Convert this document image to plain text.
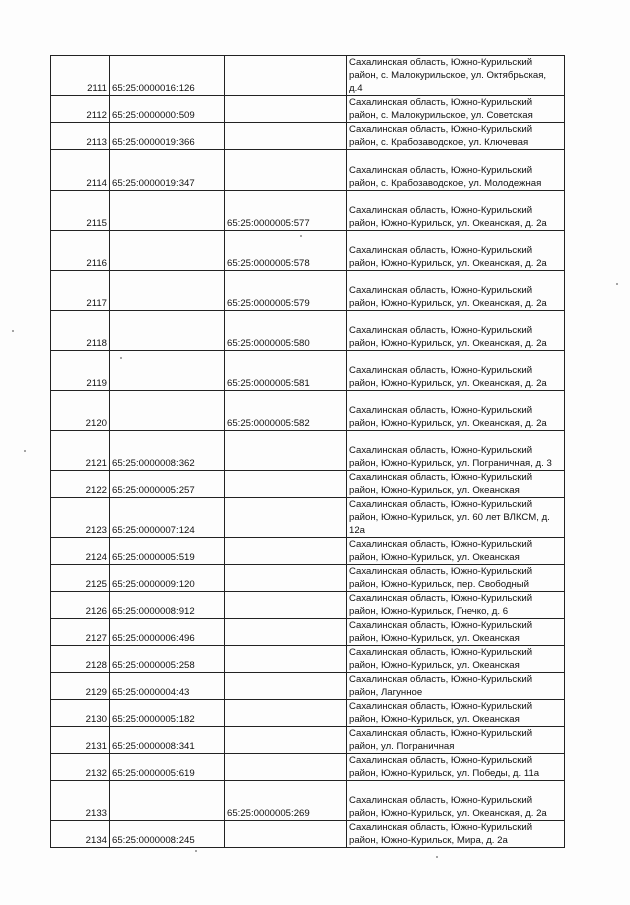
2111	65:25:0000016:126		Сахалинская область, Южно-Курильский район, с. Малокурильское, ул. Октябрьская, д.4
2112	65:25:0000000:509		Сахалинская область, Южно-Курильский район, с. Малокурильское, ул. Советская
2113	65:25:0000019:366		Сахалинская область, Южно-Курильский район, с. Крабозаводское, ул. Ключевая
2114	65:25:0000019:347		Сахалинская область, Южно-Курильский район, с. Крабозаводское, ул. Молодежная
2115		65:25:0000005:577	Сахалинская область, Южно-Курильский район, Южно-Курильск, ул. Океанская, д. 2а
2116		65:25:0000005:578	Сахалинская область, Южно-Курильский район, Южно-Курильск, ул. Океанская, д. 2а
2117		65:25:0000005:579	Сахалинская область, Южно-Курильский район, Южно-Курильск, ул. Океанская, д. 2а
2118		65:25:0000005:580	Сахалинская область, Южно-Курильский район, Южно-Курильск, ул. Океанская, д. 2а
2119		65:25:0000005:581	Сахалинская область, Южно-Курильский район, Южно-Курильск, ул. Океанская, д. 2а
2120		65:25:0000005:582	Сахалинская область, Южно-Курильский район, Южно-Курильск, ул. Океанская, д. 2а
2121	65:25:0000008:362		Сахалинская область, Южно-Курильский район, Южно-Курильск, ул. Пограничная, д. 3
2122	65:25:0000005:257		Сахалинская область, Южно-Курильский район, Южно-Курильск, ул. Океанская
2123	65:25:0000007:124		Сахалинская область, Южно-Курильский район, Южно-Курильск, ул. 60 лет ВЛКСМ, д. 12а
2124	65:25:0000005:519		Сахалинская область, Южно-Курильский район, Южно-Курильск, ул. Океанская
2125	65:25:0000009:120		Сахалинская область, Южно-Курильский район, Южно-Курильск, пер. Свободный
2126	65:25:0000008:912		Сахалинская область, Южно-Курильский район, Южно-Курильск, Гнечко, д. 6
2127	65:25:0000006:496		Сахалинская область, Южно-Курильский район, Южно-Курильск, ул. Океанская
2128	65:25:0000005:258		Сахалинская область, Южно-Курильский район, Южно-Курильск, ул. Океанская
2129	65:25:0000004:43		Сахалинская область, Южно-Курильский район, Лагунное
2130	65:25:0000005:182		Сахалинская область, Южно-Курильский район, Южно-Курильск, ул. Океанская
2131	65:25:0000008:341		Сахалинская область, Южно-Курильский район, ул. Пограничная
2132	65:25:0000005:619		Сахалинская область, Южно-Курильский район, Южно-Курильск, ул. Победы, д. 11а
2133		65:25:0000005:269	Сахалинская область, Южно-Курильский район, Южно-Курильск, ул. Океанская, д. 2а
2134	65:25:0000008:245		Сахалинская область, Южно-Курильский район, Южно-Курильск, Мира, д. 2а
